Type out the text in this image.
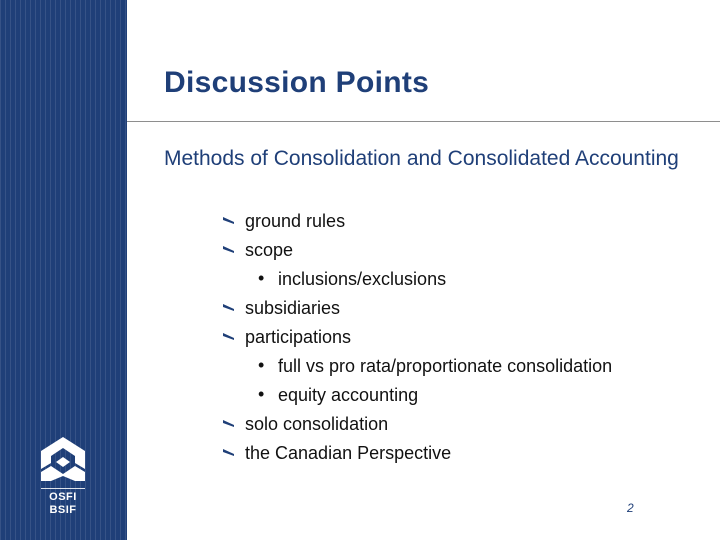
OSFI
BSIF
Discussion Points
Methods of Consolidation and Consolidated Accounting
ground rules
scope
• inclusions/exclusions
subsidiaries
participations
• full vs pro rata/proportionate consolidation
• equity accounting
solo consolidation
the Canadian Perspective
2
